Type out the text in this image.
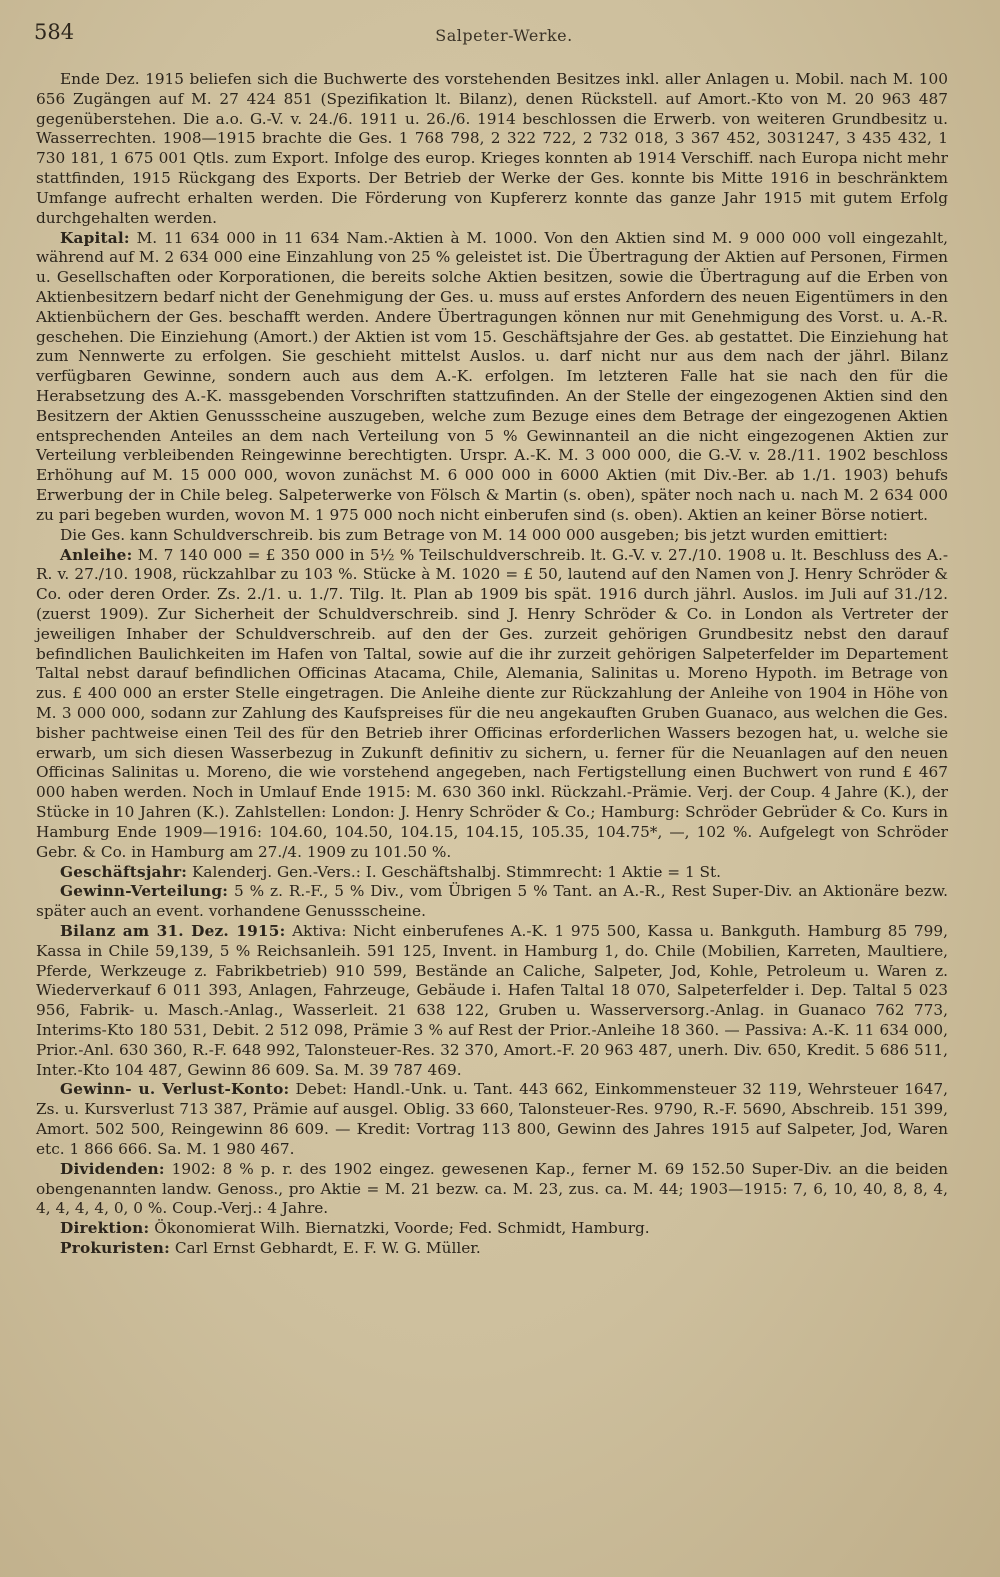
584	Salpeter-Werke.

Ende Dez. 1915 beliefen sich die Buchwerte des vorstehenden Besitzes inkl. aller Anlagen u. Mobil. nach M. 100 656 Zugängen auf M. 27 424 851 (Spezifikation lt. Bilanz), denen Rückstell. auf Amort.-Kto von M. 20 963 487 gegenüberstehen. Die a.o. G.-V. v. 24./6. 1911 u. 26./6. 1914 beschlossen die Erwerb. von weiteren Grundbesitz u. Wasserrechten. 1908—1915 brachte die Ges. 1 768 798, 2 322 722, 2 732 018, 3 367 452, 3031247, 3 435 432, 1 730 181, 1 675 001 Qtls. zum Export. Infolge des europ. Krieges konnten ab 1914 Verschiff. nach Europa nicht mehr stattfinden, 1915 Rückgang des Exports. Der Betrieb der Werke der Ges. konnte bis Mitte 1916 in beschränktem Umfange aufrecht erhalten werden. Die Förderung von Kupfererz konnte das ganze Jahr 1915 mit gutem Erfolg durchgehalten werden.

Kapital: M. 11 634 000 in 11 634 Nam.-Aktien à M. 1000. Von den Aktien sind M. 9 000 000 voll eingezahlt, während auf M. 2 634 000 eine Einzahlung von 25 % geleistet ist. Die Übertragung der Aktien auf Personen, Firmen u. Gesellschaften oder Korporationen, die bereits solche Aktien besitzen, sowie die Übertragung auf die Erben von Aktienbesitzern bedarf nicht der Genehmigung der Ges. u. muss auf erstes Anfordern des neuen Eigentümers in den Aktienbüchern der Ges. beschafft werden. Andere Übertragungen können nur mit Genehmigung des Vorst. u. A.-R. geschehen. Die Einziehung (Amort.) der Aktien ist vom 15. Geschäftsjahre der Ges. ab gestattet. Die Einziehung hat zum Nennwerte zu erfolgen. Sie geschieht mittelst Auslos. u. darf nicht nur aus dem nach der jährl. Bilanz verfügbaren Gewinne, sondern auch aus dem A.-K. erfolgen. Im letzteren Falle hat sie nach den für die Herabsetzung des A.-K. massgebenden Vorschriften stattzufinden. An der Stelle der eingezogenen Aktien sind den Besitzern der Aktien Genussscheine auszugeben, welche zum Bezuge eines dem Betrage der eingezogenen Aktien entsprechenden Anteiles an dem nach Verteilung von 5 % Gewinnanteil an die nicht eingezogenen Aktien zur Verteilung verbleibenden Reingewinne berechtigten. Urspr. A.-K. M. 3 000 000, die G.-V. v. 28./11. 1902 beschloss Erhöhung auf M. 15 000 000, wovon zunächst M. 6 000 000 in 6000 Aktien (mit Div.-Ber. ab 1./1. 1903) behufs Erwerbung der in Chile beleg. Salpeterwerke von Fölsch & Martin (s. oben), später noch nach u. nach M. 2 634 000 zu pari begeben wurden, wovon M. 1 975 000 noch nicht einberufen sind (s. oben). Aktien an keiner Börse notiert.

Die Ges. kann Schuldverschreib. bis zum Betrage von M. 14 000 000 ausgeben; bis jetzt wurden emittiert:

Anleihe: M. 7 140 000 = £ 350 000 in 5½ % Teilschuldverschreib. lt. G.-V. v. 27./10. 1908 u. lt. Beschluss des A.-R. v. 27./10. 1908, rückzahlbar zu 103 %. Stücke à M. 1020 = £ 50, lautend auf den Namen von J. Henry Schröder & Co. oder deren Order. Zs. 2./1. u. 1./7. Tilg. lt. Plan ab 1909 bis spät. 1916 durch jährl. Auslos. im Juli auf 31./12. (zuerst 1909). Zur Sicherheit der Schuldverschreib. sind J. Henry Schröder & Co. in London als Vertreter der jeweiligen Inhaber der Schuldverschreib. auf den der Ges. zurzeit gehörigen Grundbesitz nebst den darauf befindlichen Baulichkeiten im Hafen von Taltal, sowie auf die ihr zurzeit gehörigen Salpeterfelder im Departement Taltal nebst darauf befindlichen Officinas Atacama, Chile, Alemania, Salinitas u. Moreno Hypoth. im Betrage von zus. £ 400 000 an erster Stelle eingetragen. Die Anleihe diente zur Rückzahlung der Anleihe von 1904 in Höhe von M. 3 000 000, sodann zur Zahlung des Kaufspreises für die neu angekauften Gruben Guanaco, aus welchen die Ges. bisher pachtweise einen Teil des für den Betrieb ihrer Officinas erforderlichen Wassers bezogen hat, u. welche sie erwarb, um sich diesen Wasserbezug in Zukunft definitiv zu sichern, u. ferner für die Neuanlagen auf den neuen Officinas Salinitas u. Moreno, die wie vorstehend angegeben, nach Fertigstellung einen Buchwert von rund £ 467 000 haben werden. Noch in Umlauf Ende 1915: M. 630 360 inkl. Rückzahl.-Prämie. Verj. der Coup. 4 Jahre (K.), der Stücke in 10 Jahren (K.). Zahlstellen: London: J. Henry Schröder & Co.; Hamburg: Schröder Gebrüder & Co. Kurs in Hamburg Ende 1909—1916: 104.60, 104.50, 104.15, 104.15, 105.35, 104.75*, —, 102 %. Aufgelegt von Schröder Gebr. & Co. in Hamburg am 27./4. 1909 zu 101.50 %.

Geschäftsjahr: Kalenderj. Gen.-Vers.: I. Geschäftshalbj. Stimmrecht: 1 Aktie = 1 St.

Gewinn-Verteilung: 5 % z. R.-F., 5 % Div., vom Übrigen 5 % Tant. an A.-R., Rest Super-Div. an Aktionäre bezw. später auch an event. vorhandene Genussscheine.

Bilanz am 31. Dez. 1915: Aktiva: Nicht einberufenes A.-K. 1 975 500, Kassa u. Bankguth. Hamburg 85 799, Kassa in Chile 59,139, 5 % Reichsanleih. 591 125, Invent. in Hamburg 1, do. Chile (Mobilien, Karreten, Maultiere, Pferde, Werkzeuge z. Fabrikbetrieb) 910 599, Bestände an Caliche, Salpeter, Jod, Kohle, Petroleum u. Waren z. Wiederverkauf 6 011 393, Anlagen, Fahrzeuge, Gebäude i. Hafen Taltal 18 070, Salpeterfelder i. Dep. Taltal 5 023 956, Fabrik- u. Masch.-Anlag., Wasserleit. 21 638 122, Gruben u. Wasserversorg.-Anlag. in Guanaco 762 773, Interims-Kto 180 531, Debit. 2 512 098, Prämie 3 % auf Rest der Prior.-Anleihe 18 360. — Passiva: A.-K. 11 634 000, Prior.-Anl. 630 360, R.-F. 648 992, Talonsteuer-Res. 32 370, Amort.-F. 20 963 487, unerh. Div. 650, Kredit. 5 686 511, Inter.-Kto 104 487, Gewinn 86 609. Sa. M. 39 787 469.

Gewinn- u. Verlust-Konto: Debet: Handl.-Unk. u. Tant. 443 662, Einkommensteuer 32 119, Wehrsteuer 1647, Zs. u. Kursverlust 713 387, Prämie auf ausgel. Oblig. 33 660, Talonsteuer-Res. 9790, R.-F. 5690, Abschreib. 151 399, Amort. 502 500, Reingewinn 86 609. — Kredit: Vortrag 113 800, Gewinn des Jahres 1915 auf Salpeter, Jod, Waren etc. 1 866 666. Sa. M. 1 980 467.

Dividenden: 1902: 8 % p. r. des 1902 eingez. gewesenen Kap., ferner M. 69 152.50 Super-Div. an die beiden obengenannten landw. Genoss., pro Aktie = M. 21 bezw. ca. M. 23, zus. ca. M. 44; 1903—1915: 7, 6, 10, 40, 8, 8, 4, 4, 4, 4, 4, 0, 0 %. Coup.-Verj.: 4 Jahre.

Direktion: Ökonomierat Wilh. Biernatzki, Voorde; Fed. Schmidt, Hamburg.

Prokuristen: Carl Ernst Gebhardt, E. F. W. G. Müller.
